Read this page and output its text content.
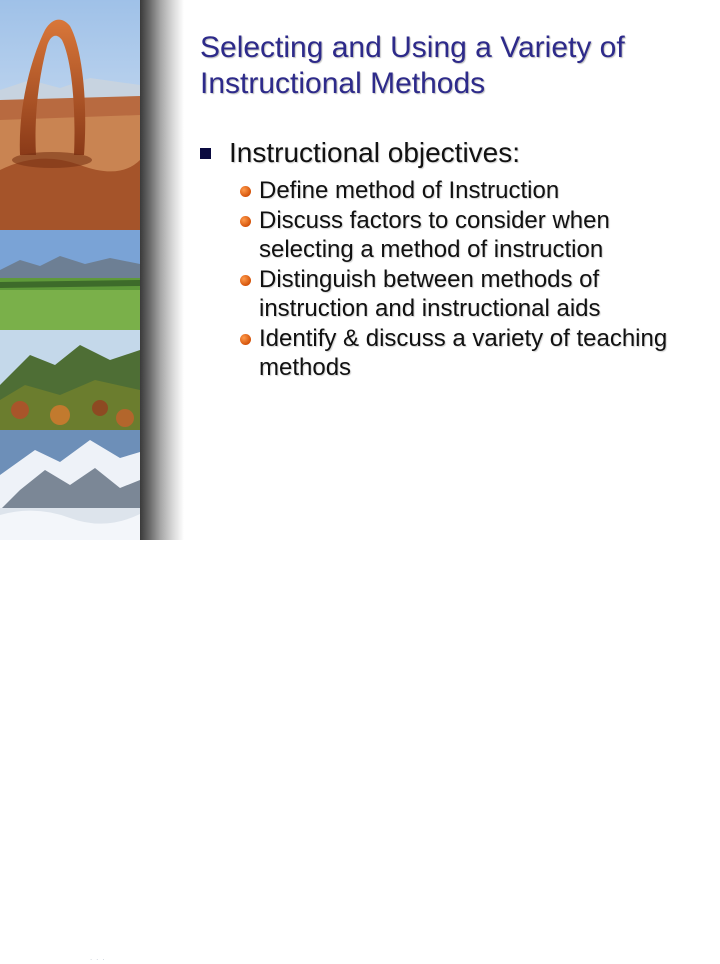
⋅ ⋅ ⋅
Selecting and Using a Variety of Instructional Methods
Instructional objectives:
Define method of Instruction
Discuss factors to consider when selecting a method of instruction
Distinguish between methods of instruction and instructional aids
Identify & discuss a variety of teaching methods
